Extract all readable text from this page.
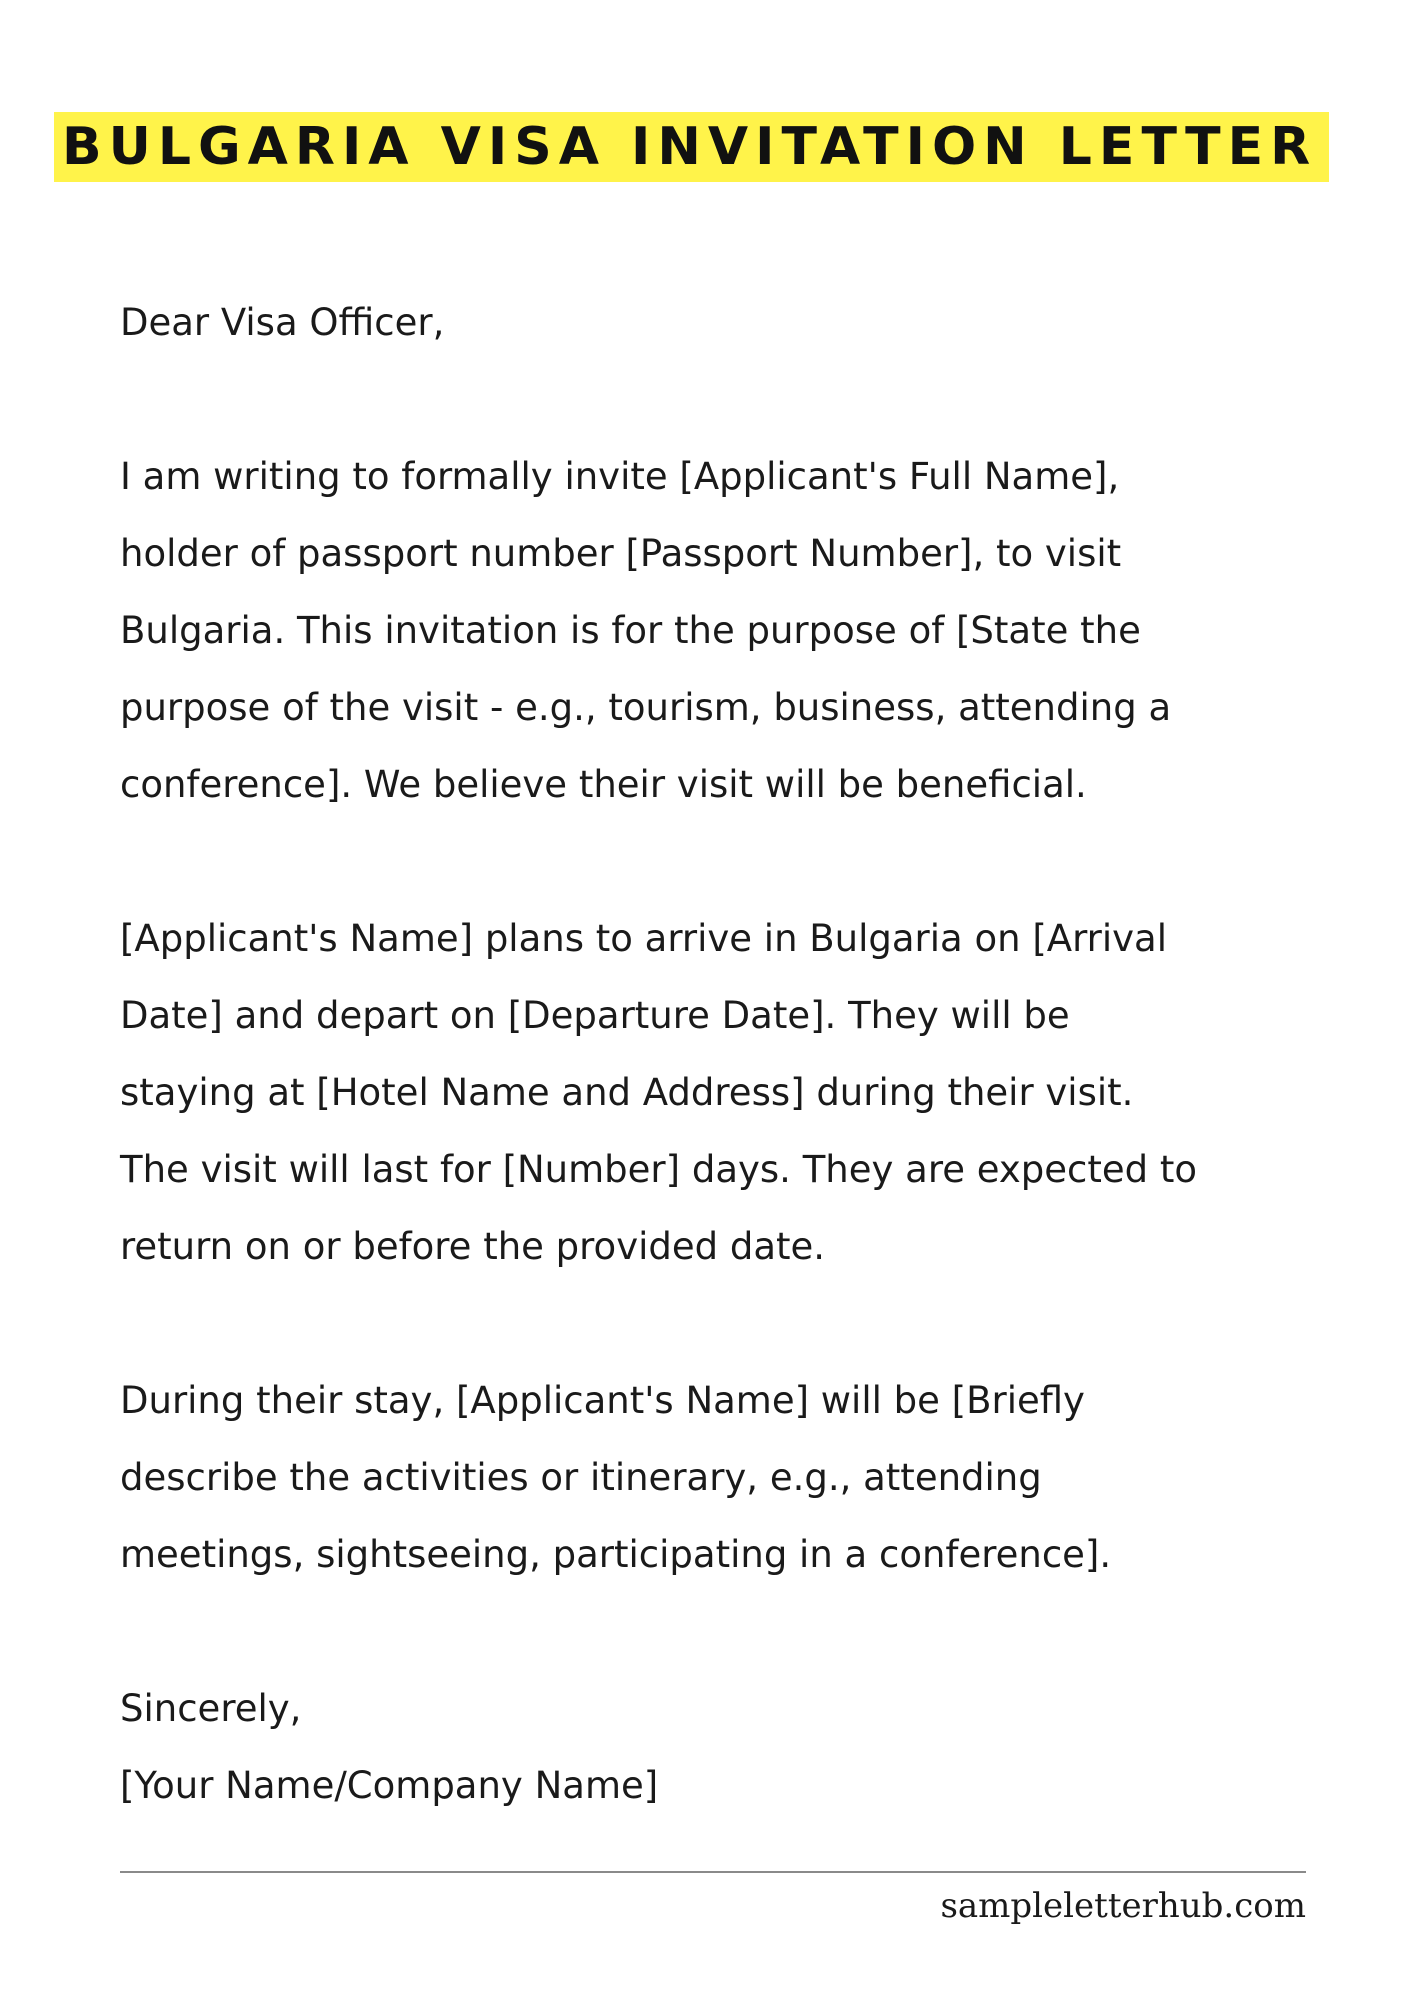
BULGARIA VISA INVITATION LETTER

Dear Visa Officer,

I am writing to formally invite [Applicant's Full Name],

holder of passport number [Passport Number], to visit

Bulgaria. This invitation is for the purpose of [State the

purpose of the visit - e.g., tourism, business, attending a

conference]. We believe their visit will be beneficial.

[Applicant's Name] plans to arrive in Bulgaria on [Arrival

Date] and depart on [Departure Date]. They will be

staying at [Hotel Name and Address] during their visit.

The visit will last for [Number] days. They are expected to

return on or before the provided date.

During their stay, [Applicant's Name] will be [Briefly

describe the activities or itinerary, e.g., attending

meetings, sightseeing, participating in a conference].

Sincerely,

[Your Name/Company Name]

sampleletterhub.com
